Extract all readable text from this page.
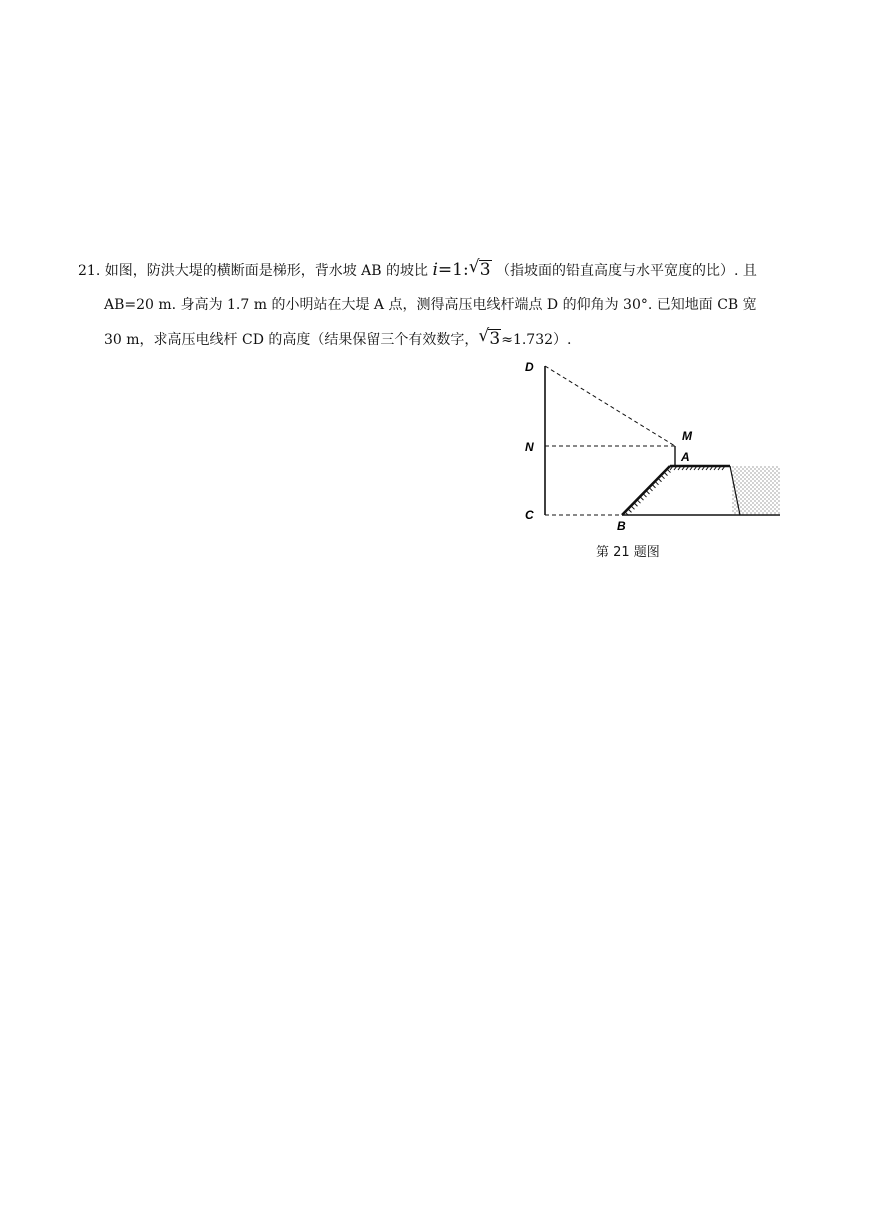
21. 如图，防洪大堤的横断面是梯形，背水坡 AB 的坡比 i=1: √ 3 （指坡面的铅直高度与水平宽度的比）. 且
AB=20 m. 身高为 1.7 m 的小明站在大堤 A 点，测得高压电线杆端点 D 的仰角为 30°. 已知地面 CB 宽
30 m，求高压电线杆 CD 的高度（结果保留三个有效数字， √ 3≈1.732）.
D
N
C
M
A
B
第 21 题图
